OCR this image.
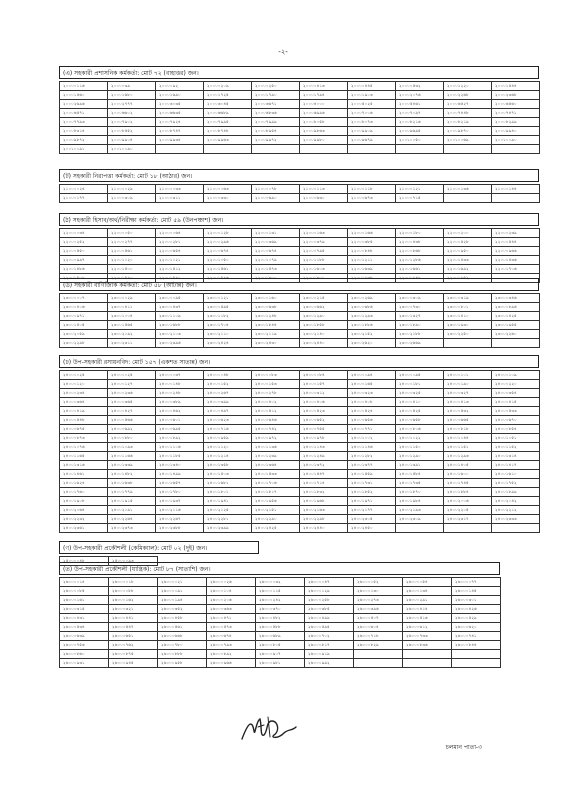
-২-
(এ) সহকারী প্রশাসনিক কর্মকর্তা: মোট ৭২ (বাহাত্তর) জন।
২০০০০১১৬	২০০০০৩৯	২০০০০৯২	২০০০০২০৯	২০০০০২৫০	২০০০০৪১৩	২০০০০৪৪৫	২০০০০৫৩২	২০০০১২২০	২০০০১৫৪৪
২০০০১৫৬০	২০০০১৬৮০	২০০০১৬৯০	২০০০১৭২৫	২০০০১৭৯০	২০০০১৭৯৪	২০০০১৯০৩	২০০০২০৭৬	২০০০২২৬৮	২০০০২৩৬৮
২০০০২৬৯৬	২০০০২৭৭৭	২০০০৩০৩৫	২০০০৩০৪৫	২০০০৩৬৭১	২০০০৪০০০	২০০০৫০২৫	২০০০৫৪৬১	২০০০৬৫২৭	২০০০৬৫৬০
২০০০৬৫৭১	২০০০৬৬০২	২০০০৬৬৩৫	২০০০৬৬৮৯	২০০০৬৮৩৬	২০০০৬৯৯৬	২০০০৭০০৬	২০০০৭০৯৭	২০০০৭৪৪৮	২০০০৭৪৭১
২০০০৭৭৯৩	২০০০৭৯০২	২০০০৭৯২৪	২০০০৭৯৯৫	২০০০৭৯৯৯	২০০০৮০৫৮	২০০০৮০৭৩	২০০০৮২১৬	২০০০৮২১৯	২০০০৮২৯৯
২০০০৮৩১৪	২০০০৮৫৫২	২০০০৮৭৪৭	২০০০৮৭৪৮	২০০০৮৯৫৪	২০০০৯৮৬৩	২০০০৯৯০৯	২০০০৯৬৯৫	২০০০৯৮৭০	২০০০৯৯৪০
২০০০৯৮৭২	২০০০৯৯০৪	২০০০৯৯৩৪	২০০০৯৯৬৩	২০০০৯৯৭২	২০০০৯৯৮০	২০০০৯৬৭৯	২০০১০০৫০	২০০১০০৬৯	২০০১০০৯০
২০০১০০৯১	২০০১০০৯০								
(ট) সহকারী নিরাপত্তা কর্মকর্তা: মোট ১৮ (আঠার) জন।
২১০০০০২৪	২১০০০০২৯	২১০০০০৩৩	২১০০০০৬৩	২১০০০০৭৮	২১০০০১১৩	২১০০০১১৮	২১০০০১২১	২১০০০১৩৬	২১০০০১৪৪
২১০০০১৭৭	২১০০০৩০৯	২১০০০৩১১	২১০০০৩৩০	২১০০০৬৯০	২১০০০৬৩০	২১০০০৬৭৩	২১০০০৭১৫		
(ঠ) সহকারী হিসাব/অর্থ/নিরীক্ষা কর্মকর্তা: মোট ৫৯ (উনপঞ্চাশ) জন।
২২০০০০৩৪	২২০০০০৫০	২২০০০০৬৪	২২০০০১২৮	২২০০০১৩১	২২০০০১৬৩	২২০০০১৬৬	২২০০০১৮০	২২০০০২০০	২২০০০২৩৯
২২০০০২৫২	২২০০০২৭৭	২২০০০২৮১	২২০০০২৯৬	২২০০০৩৬৯	২২০০০৩৭৯	২২০০০৩৮৫	২২০০০৪৩৮	২২০০০৫২৮	২২০০০৫৪৪
২২০০০৫৫০	২২০০০৫৬১	২২০০০৬৫৪	২২০০০৬৭৪	২২০০০৬৭৪	২২০০০৭৯৫	২২০০০৮৪৮	২২০০০৮৬৮	২২০০০৯৫০	২২০০০৯৬৬
২২০০০৯৯৭	২২০০১০২০	২২০০১০২১	২২০০১০৫০	২২০০১০৭৯	২২০০১১৮৮	২২০০১২১১	২২০০১২৮৬	২২০০১৪৩৩	২২০০১৪৩৬
২২০০১৪৮৬	২২০০১৫০০	২২০০১৫১২	২২০০১৫৬১	২২০০১৫৭৩	২২০০১৬০৩	২২০০১৬৩৯	২২০০১৬৬১	২২০০১৬৯২	২২০০১৭০৬
২২০০১৭০৯	২২০০১৭৯০	২২০০১৭৯১	২২০০১৭৯৬	২২০০১৮০০	২২০০১৮০১	২২০০১৯৩৮	২২০০১৯৪৯	২২০০১৯৫২	
(ড) সহকারী বাণিজ্যিক কর্মকর্তা: মোট ৫৮ (আটান্ন) জন।
২৩০০০০০৭	২৩০০০০২৯	২৩০০০০৯৫	২৩০০০১২১	২৩০০০১৬০	২৩০০০২১৫	২৩০০০২৬৯	২৩০০০৩০৯	২৩০০০৩১৯	২৩০০০৩৪৬
২৩০০০৪০৬	২৩০০০৪১১	২৩০০০৪৩৭	২৩০০০৫৯৫	২৩০০০৬৩৮	২৩০০০৬৬২	২৩০০০৬৮৬	২৩০০০৭৩০	২৩০০০৮০১	২৩০০০৮৯৬
২৩০০০৯৭১	২৩০০১০০৪	২৩০০১১০৯	২৩০০১১৮২	২৩০০১২৪৮	২৩০০১২৯০	২৩০০১২৯৩	২৩০০১৩২৭	২৩০০১৪১০	২৩০০১৪২৫
২৩০০১৫০৫	২৩০০১৫৬৫	২৩০০১৬৮৮	২৩০০১৭০৪	২৩০০১৮৪৪	২৩০০১৮৫৮	২৩০০১৮৮৬	২৩০০১৮৯০	২৩০০১৯৩০	২৩০০১৯৫৫
২৩০০২০৫৯	২৩০০২০৯২	২৩০০২১০৩	২৩০০২১১০	২৩০০২১১৯	২৩০০২১৪০	২৩০০২১৫২	২৩০০২১৮৮	২৩০০২২৫০	২৩০০২২৬০
২৩০০২২৯৮	২৩০০২৩১১	২৩০০২৩৯৬	২৩০০২৪২৪	২৩০০২৪৩০	২৩০০২৪৪০	২৩০০২৬২০	২৩০০২৬৬৯		
(ঢ) উপ-সহকারী রসায়নবিদ: মোট ১৫৭ (একশত সাতান্ন) জন।
২৪০০০০২৫	২৪০০০০২৫	২৪০০০০৩৭	২৪০০০০৪৮	২৪০০০০৮৩	২৪০০০০৮৪	২৪০০০০৯৪	২৪০০০০৯৫	২৪০০০১০১	২৪০০০১০৯
২৪০০০১২০	২৪০০০১২৭	২৪০০০১৪৮	২৪০০০১৫২	২৪০০০১৫৩	২৪০০০১৫৭	২৪০০০১৬৫	২৪০০০১৮১	২৪০০০১৯০	২৪০০০২২০
২৪০০০২৩৪	২৪০০০২৩৬	২৪০০০২৪৮	২৪০০০২৬৭	২৪০০০২৭৮	২৪০০০৩১২	২৪০০০৩২৩	২৪০০০৩২৫	২৪০০০৩২৭	২৪০০০৩৫৪
২৪০০০৩৬৪	২৪০০০৩৬৫	২৪০০০৩৮৯	২৪০০০৩৯৯	২৪০০০৪০২	২৪০০০৪০৬	২৪০০০৪০৮	২৪০০০৪১০	২৪০০০৪১৩	২৪০০০৪১৫
২৪০০০৪১৯	২৪০০০৪২৭	২৪০০০৪৬২	২৪০০০৪৯৭	২৪০০০৫১২	২৪০০০৫২৩	২৪০০০৫২৪	২৪০০০৫২৫	২৪০০০৫৩২	২৪০০০৫৩৩
২৪০০০৫৪৮	২৪০০০৫৬৬	২৪০০০৬০১	২৪০০০৬২৩	২৪০০০৬৪৬	২৪০০০৬৫২	২৪০০০৬৫৬	২৪০০০৬৫৮	২৪০০০৬৬৫	২৪০০০৬৭০
২৪০০০৬৭৫	২৪০০০৬৯২	২৪০০০৬৯৫	২৪০০০৭১৬	২৪০০০৭৪২	২৪০০০৭৫৫	২৪০০০৭৭১	২৪০০০৮০৬	২৪০০০৮১৮	২৪০০০৮৫৪
২৪০০০৮৭৩	২৪০০০৮৮০	২৪০০০৮৯২	২৪০০০৯৫৯	২৪০০০৯৭২	২৪০০০৯৭৮	২৪০০১০০২	২৪০০১০২২	২৪০০১০৪৪	২৪০০১০৫১
২৪০০১০৭৬	২৪০০১০৯৩	২৪০০১১০৬	২৪০০১১২০	২৪০০১১৩৬	২৪০০১১৪৩	২৪০০১১৪৬	২৪০০১১৫০	২৪০০১১৫১	২৪০০১১৫২
২৪০০১১৬৫	২৪০০১১৬৬	২৪০০১১৮৫	২৪০০১২১৪	২৪০০১২৩৯	২৪০০১২৪৯	২৪০০১২৮২	২৪০০১২৯০	২৪০০১২৯৩	২৪০০১৩১৪
২৪০০১৩১৬	২৪০০১৩৩৯	২৪০০১৩৪০	২৪০০১৩৫৮	২৪০০১৩৬৪	২৪০০১৩৭২	২৪০০১৩৭৭	২৪০০১৩৯১	২৪০০১৪০৫	২৪০০১৪১৭
২৪০০১৪৬১	২৪০০১৪৮২	২৪০০১৪৯৯	২৪০০১৫০৩	২৪০০১৫৩৩	২৪০০১৫৪৭	২৪০০১৫৫৯	২৪০০১৫৮৪	২৪০০১৬০০	২৪০০১৬১০
২৪০০১৬২৪	২৪০০১৬৩৮	২৪০০১৬৫৭	২৪০০১৬৮১	২৪০০১৭০৬	২৪০০১৭১৪	২৪০০১৭৩১	২৪০০১৭৩৫	২৪০০১৭৪৫	২৪০০১৭৫২
২৪০০১৭৬০	২৪০০১৭৭৯	২৪০০১৭৮০	২৪০০১৮০১	২৪০০১৮১৭	২৪০০১৮৩২	২৪০০১৮৫২	২৪০০১৮৭০	২৪০০১৮৮৪	২৪০০১৮৯৯
২৪০০১৯০৮	২৪০০১৯১৫	২৪০০১৯৩৭	২৪০০১৯৪১	২৪০০১৯৫৬	২৪০০১৯৬৮	২৪০০১৯৭১	২৪০০১৯৮৪	২৪০০২০০৬	২৪০০২০৪২
২৪০০২০৬৪	২৪০০২০৯১	২৪০০২১১৬	২৪০০২১২৫	২৪০০২১৫১	২৪০০২১৬৩	২৪০০২১৭৭	২৪০০২১৯৩	২৪০০২২০৫	২৪০০২২১২
২৪০০২২৩২	২৪০০২২৬৪	২৪০০২২৬৭	২৪০০২২৮১	২৪০০২২৯০	২৪০০২২৯৮	২৪০০২৩০৫	২৪০০২৩০৯	২৪০০২৩১৭	২৪০০২৩৩৩
২৪০০২৩৬১	২৪০০২৩৭৩	২৪০০২৩৮৮	২৪০০২৩৯৯	২৪০০২৪২৫	২৪০০২৪৪০	২৪০০২৪৫০			
(ণ) উপ-সহকারী প্রকৌশলী (কেমিক্যাল): মোট ০২ (দুই) জন।
২৫০০০০৪৮	২৫০০০০৯৩
(ত) উপ-সহকারী প্রকৌশলী (যান্ত্রিক): মোট ৮৭ (সাতাশি) জন।
২৬০০০০১৪	২৬০০০০১৮	২৬০০০০২১	২৬০০০০২৬	২৬০০০০৩২	২৬০০০০৪৭	২৬০০০০৫২	২৬০০০০৫৪	২৬০০০০৭৭
২৬০০০০৮৫	২৬০০০০৮৮	২৬০০০০৯১	২৬০০০১০৪	২৬০০০১১৫	২৬০০০১২৯	২৬০০০১৩০	২৬০০০১৩৪	২৬০০০১৪৫
২৬০০০১৬১	২৬০০০১৬২	২৬০০০১৯৪	২৬০০০২০৬	২৬০০০২৪২	২৬০০০২৫৮	২৬০০০২৭৩	২৬০০০২৯১	২৬০০০৩০১
২৬০০০৩১৫	২৬০০০৩২১	২৬০০০৩৫২	২৬০০০৩৬৩	২৬০০০৩৭০	২৬০০০৩৮৫	২৬০০০৩৯৬	২৬০০০৪১৪	২৬০০০৪২৬
২৬০০০৪৩১	২৬০০০৪৪১	২৬০০০৪৫৮	২৬০০০৪৭১	২৬০০০৪৮২	২৬০০০৪৯৯	২৬০০০৫০৭	২৬০০০৫১৬	২৬০০০৫২৯
২৬০০০৫৩৪	২৬০০০৫৪৭	২৬০০০৫৬১	২৬০০০৫৭৩	২৬০০০৫৮৮	২৬০০০৫৯৫	২৬০০০৬০৪	২৬০০০৬১২	২৬০০০৬২০
২৬০০০৬৩৯	২৬০০০৬৫১	২৬০০০৬৬৮	২৬০০০৬৭৪	২৬০০০৬৮৯	২৬০০০৭০২	২৬০০০৭১৮	২৬০০০৭৩৩	২৬০০০৭৪১
২৬০০০৭৫৬	২৬০০০৭৬২	২৬০০০৭৮০	২৬০০০৭৯৩	২৬০০০৮০৫	২৬০০০৮১৭	২৬০০০৮২৯	২৬০০০৮৩৬	২৬০০০৮৪৪
২৬০০০৮৬০	২৬০০০৮৭৫	২৬০০০৮৮৮	২৬০০০৮৯২	২৬০০০৯০৭	২৬০০০৯১৯			
২৬০০০৯৩১	২৬০০০৯৪৫	২৬০০০৯৫৮	২৬০০০৯৬৬	২৬০০০৯৮১	২৬০০০৯৯২			
চলমান পাতা-৩
